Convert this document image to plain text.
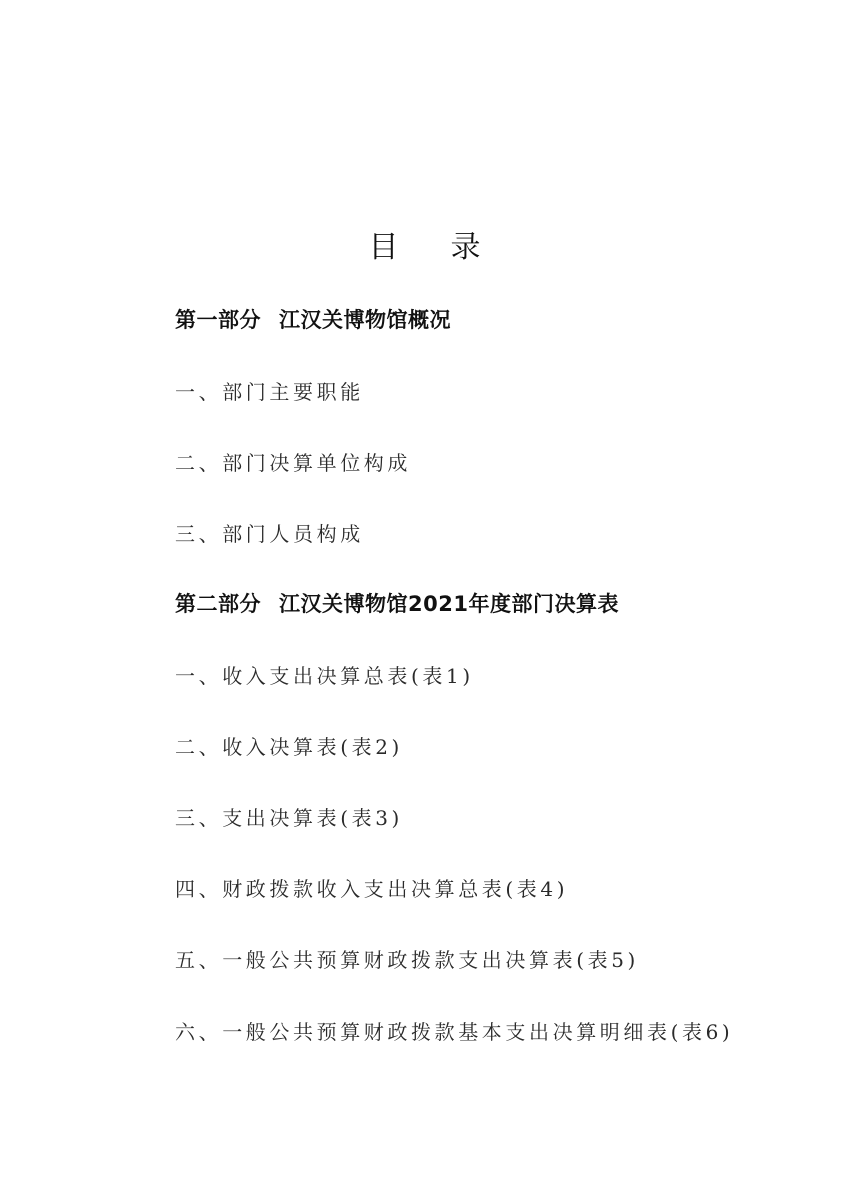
目录
第一部分 江汉关博物馆概况
一、部门主要职能
二、部门决算单位构成
三、部门人员构成
第二部分 江汉关博物馆2021年度部门决算表
一、收入支出决算总表(表1)
二、收入决算表(表2)
三、支出决算表(表3)
四、财政拨款收入支出决算总表(表4)
五、一般公共预算财政拨款支出决算表(表5)
六、一般公共预算财政拨款基本支出决算明细表(表6)
